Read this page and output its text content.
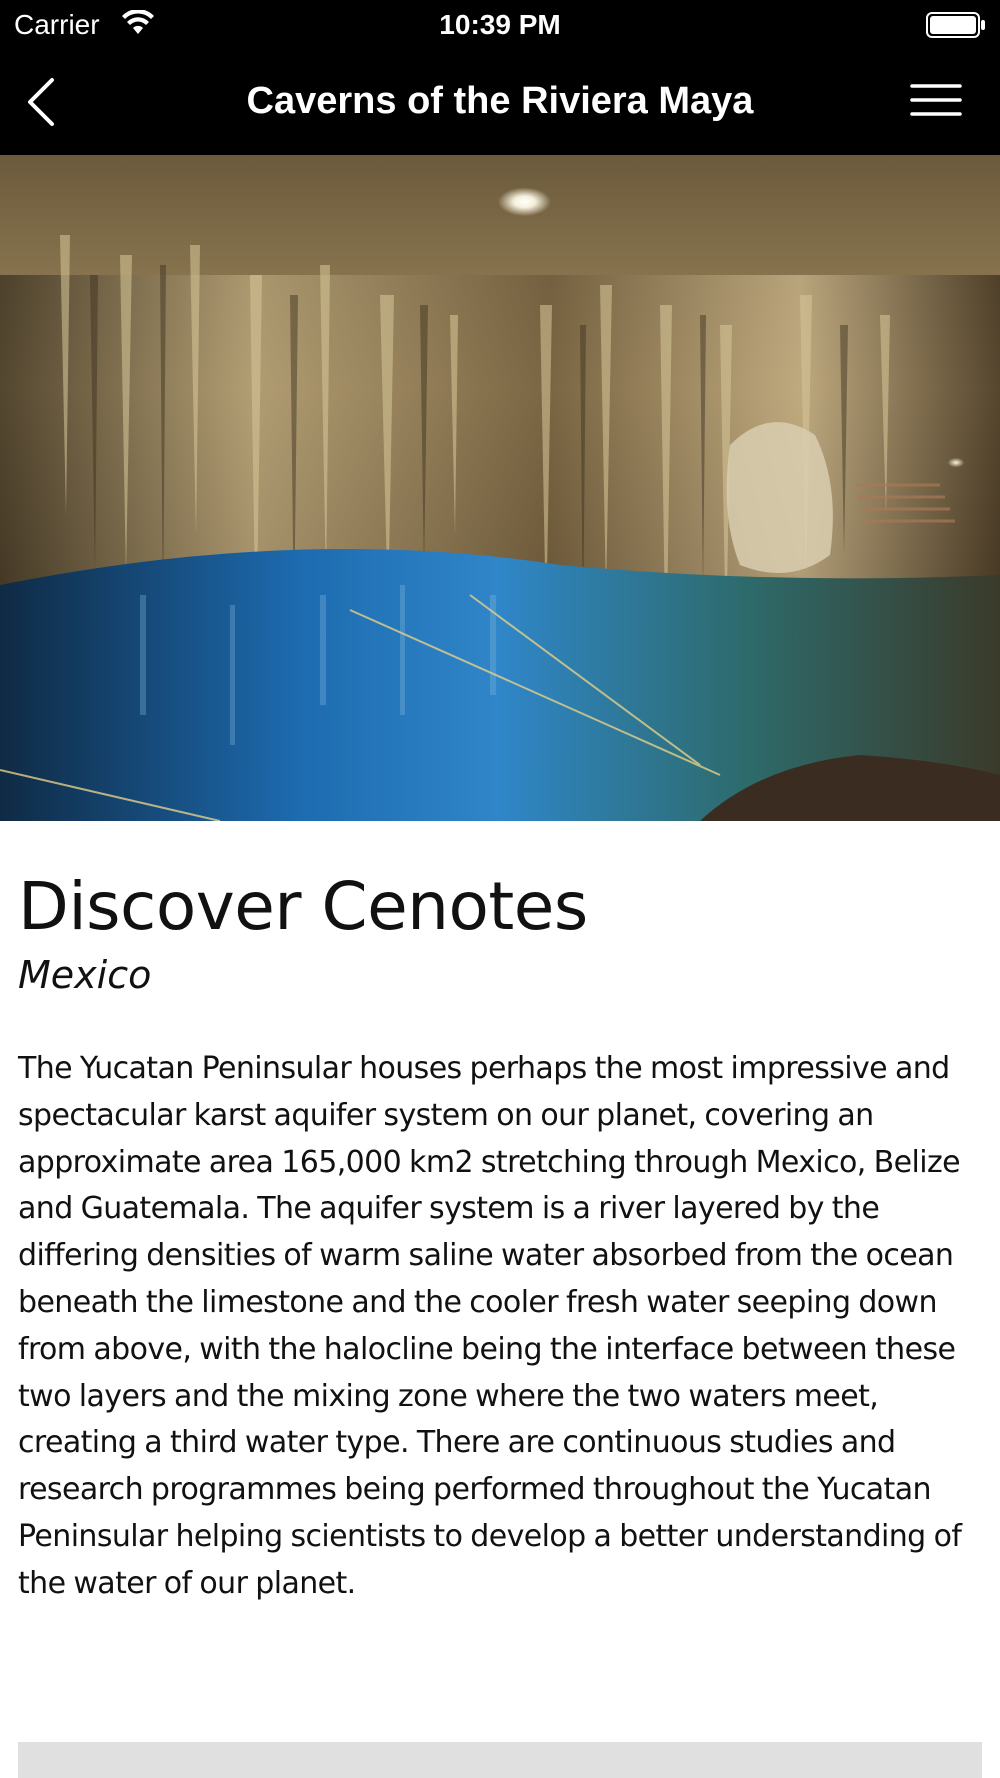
Carrier	10:39 PM
Caverns of the Riviera Maya
Discover Cenotes
Mexico

The Yucatan Peninsular houses perhaps the most impressive and spectacular karst aquifer system on our planet, covering an approximate area 165,000 km2 stretching through Mexico, Belize and Guatemala. The aquifer system is a river layered by the differing densities of warm saline water absorbed from the ocean beneath the limestone and the cooler fresh water seeping down from above, with the halocline being the interface between these two layers and the mixing zone where the two waters meet, creating a third water type. There are continuous studies and research programmes being performed throughout the Yucatan Peninsular helping scientists to develop a better understanding of the water of our planet.
